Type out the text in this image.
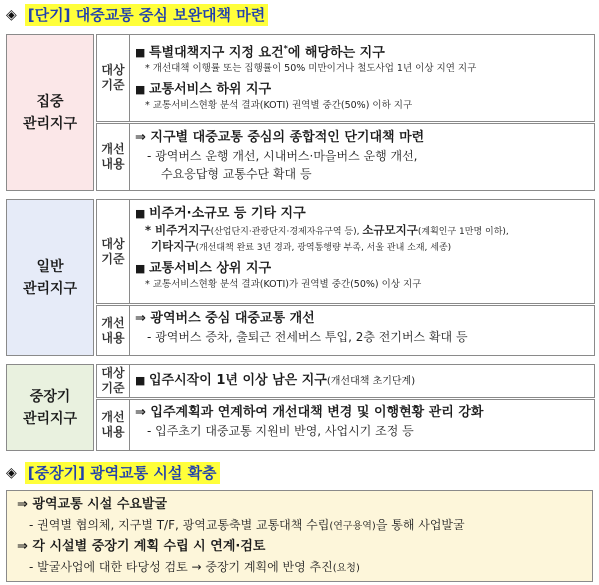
◈ [단기] 대중교통 중심 보완대책 마련
집중
관리지구
대상
기준
■ 특별대책지구 지정 요건*에 해당하는 지구
* 개선대책 이행률 또는 집행률이 50% 미만이거나 철도사업 1년 이상 지연 지구
■ 교통서비스 하위 지구
* 교통서비스현황 분석 결과(KOTI) 권역별 중간(50%) 이하 지구
개선
내용
⇒ 지구별 대중교통 중심의 종합적인 단기대책 마련
- 광역버스 운행 개선, 시내버스·마을버스 운행 개선,
수요응답형 교통수단 확대 등
일반
관리지구
대상
기준
■ 비주거·소규모 등 기타 지구
* 비주거지구(산업단지·관광단지·경제자유구역 등), 소규모지구(계획인구 1만명 이하),
기타지구(개선대책 완료 3년 경과, 광역통행량 부족, 서울 관내 소재, 세종)
■ 교통서비스 상위 지구
* 교통서비스현황 분석 결과(KOTI)가 권역별 중간(50%) 이상 지구
개선
내용
⇒ 광역버스 중심 대중교통 개선
- 광역버스 증차, 출퇴근 전세버스 투입, 2층 전기버스 확대 등
중장기
관리지구
대상
기준
■ 입주시작이 1년 이상 남은 지구(개선대책 초기단계)
개선
내용
⇒ 입주계획과 연계하여 개선대책 변경 및 이행현황 관리 강화
- 입주초기 대중교통 지원비 반영, 사업시기 조정 등
◈ [중장기] 광역교통 시설 확충
⇒ 광역교통 시설 수요발굴
- 권역별 협의체, 지구별 T/F, 광역교통축별 교통대책 수립(연구용역)을 통해 사업발굴
⇒ 각 시설별 중장기 계획 수립 시 연계·검토
- 발굴사업에 대한 타당성 검토 → 중장기 계획에 반영 추진(요청)
